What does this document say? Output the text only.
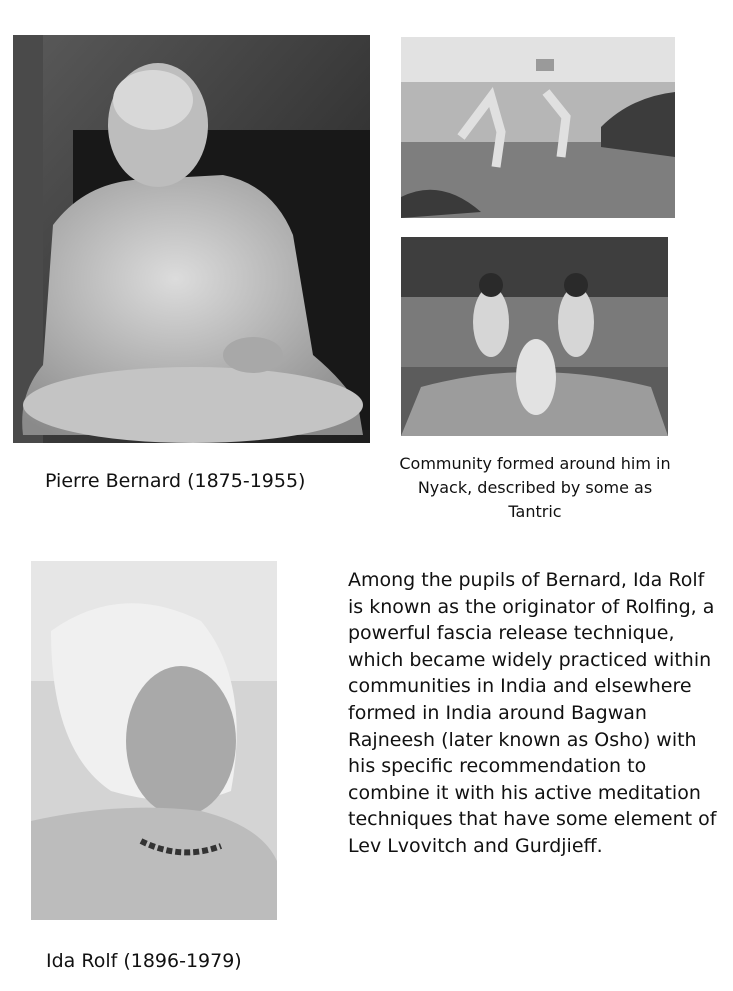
Pierre Bernard (1875-1955)

Community formed around him in Nyack, described by some as Tantric

Ida Rolf (1896-1979)

Among the pupils of Bernard, Ida Rolf is known as the originator of Rolfing, a powerful fascia release technique, which became widely practiced within communities in India and elsewhere formed in India around Bagwan Rajneesh (later known as Osho) with his specific recommendation to combine it with his active meditation techniques that have some element of Lev Lvovitch and Gurdjieff.
